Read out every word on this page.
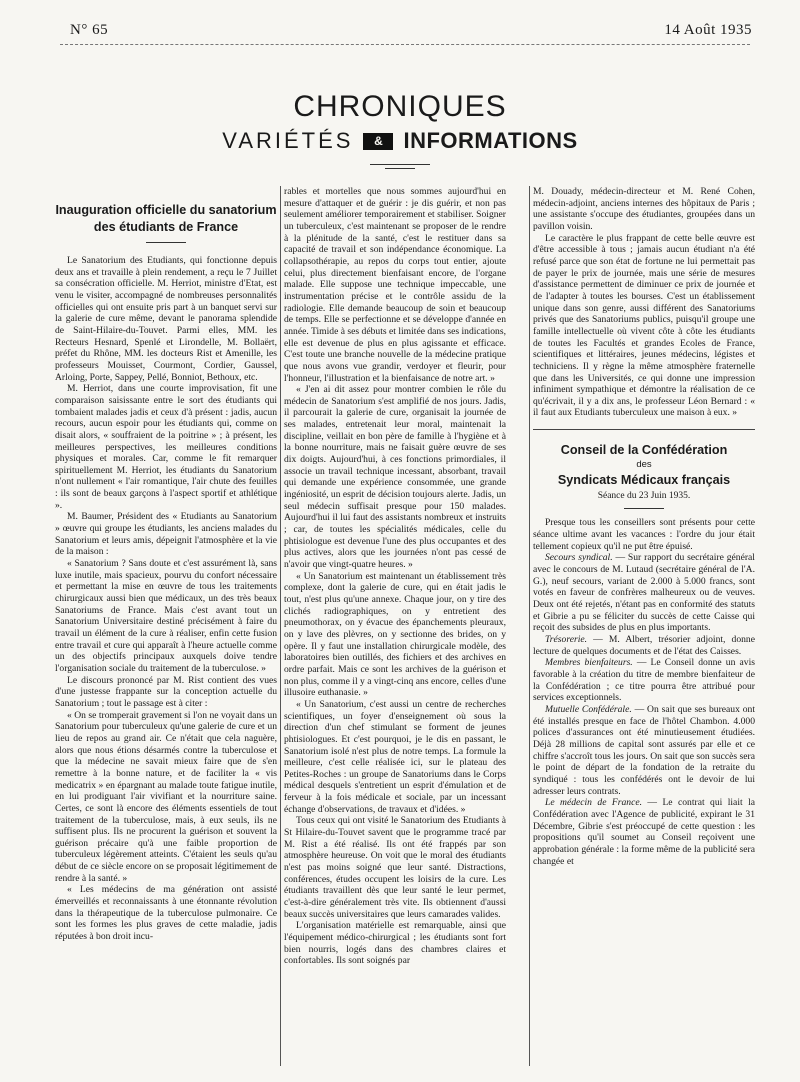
N° 65	14 Août 1935
CHRONIQUES
VARIÉTÉS	& INFORMATIONS
Inauguration officielle du sanatorium des étudiants de France

Le Sanatorium des Etudiants, qui fonctionne depuis deux ans et travaille à plein rendement, a reçu le 7 Juillet sa consécration officielle. M. Herriot, ministre d'Etat, est venu le visiter, accompagné de nombreuses personnalités officielles qui ont ensuite pris part à un banquet servi sur la galerie de cure même, devant le panorama splendide de Saint-Hilaire-du-Touvet. Parmi elles, MM. les Recteurs Hesnard, Spenlé et Lirondelle, M. Bollaërt, préfet du Rhône, MM. les docteurs Rist et Amenille, les professeurs Mouisset, Courmont, Cordier, Gaussel, Arloing, Porte, Sappey, Pellé, Bonniot, Bethoux, etc.

M. Herriot, dans une courte improvisation, fit une comparaison saisissante entre le sort des étudiants qui tombaient malades jadis et ceux d'à présent : jadis, aucun recours, aucun espoir pour les étudiants qui, comme on disait alors, « souffraient de la poitrine » ; à présent, les meilleures perspectives, les meilleures conditions physiques et morales. Car, comme le fit remarquer spirituellement M. Herriot, les étudiants du Sanatorium n'ont nullement « l'air romantique, l'air chute des feuilles : ils sont de beaux garçons à l'aspect sportif et athlétique ».

M. Baumer, Président des « Etudiants au Sanatorium » œuvre qui groupe les étudiants, les anciens malades du Sanatorium et leurs amis, dépeignit l'atmosphère et la vie de la maison :

« Sanatorium ? Sans doute et c'est assurément là, sans luxe inutile, mais spacieux, pourvu du confort nécessaire et permettant la mise en œuvre de tous les traitements chirurgicaux aussi bien que médicaux, un des très beaux Sanatoriums de France. Mais c'est avant tout un Sanatorium Universitaire destiné précisément à faire du travail un élément de la cure à réaliser, enfin cette fusion entre travail et cure qui apparaît à l'heure actuelle comme un des objectifs principaux auxquels doive tendre l'organisation sociale du traitement de la tuberculose. »

Le discours prononcé par M. Rist contient des vues d'une justesse frappante sur la conception actuelle du Sanatorium ; tout le passage est à citer :

« On se tromperait gravement si l'on ne voyait dans un Sanatorium pour tuberculeux qu'une galerie de cure et un lieu de repos au grand air. Ce n'était que cela naguère, alors que nous étions désarmés contre la tuberculose et que la médecine ne savait mieux faire que de s'en remettre à la bonne nature, et de faciliter la « vis medicatrix » en épargnant au malade toute fatigue inutile, en lui prodiguant l'air vivifiant et la nourriture saine. Certes, ce sont là encore des éléments essentiels de tout traitement de la tuberculose, mais, à eux seuls, ils ne suffisent plus. Ils ne procurent la guérison et souvent la guérison précaire qu'à une faible proportion de tuberculeux légèrement atteints. C'étaient les seuls qu'au début de ce siècle encore on se proposait légitimement de rendre à la santé. »

« Les médecins de ma génération ont assisté émerveillés et reconnaissants à une étonnante révolution dans la thérapeutique de la tuberculose pulmonaire. Ce sont les formes les plus graves de cette maladie, jadis réputées à bon droit incu-

rables et mortelles que nous sommes aujourd'hui en mesure d'attaquer et de guérir : je dis guérir, et non pas seulement améliorer temporairement et stabiliser. Soigner un tuberculeux, c'est maintenant se proposer de le rendre à la plénitude de la santé, c'est le restituer dans sa capacité de travail et son indépendance économique. La collapsothérapie, au repos du corps tout entier, ajoute celui, plus directement bienfaisant encore, de l'organe malade. Elle suppose une technique impeccable, une instrumentation précise et le contrôle assidu de la radiologie. Elle demande beaucoup de soin et beaucoup de temps. Elle se perfectionne et se développe d'année en année. Timide à ses débuts et limitée dans ses indications, elle est devenue de plus en plus agissante et efficace. C'est toute une branche nouvelle de la médecine pratique que nous avons vue grandir, verdoyer et fleurir, pour l'honneur, l'illustration et la bienfaisance de notre art. »

« J'en ai dit assez pour montrer combien le rôle du médecin de Sanatorium s'est amplifié de nos jours. Jadis, il parcourait la galerie de cure, organisait la journée de ses malades, entretenait leur moral, maintenait la discipline, veillait en bon père de famille à l'hygiène et à la bonne nourriture, mais ne faisait guère œuvre de ses dix doigts. Aujourd'hui, à ces fonctions primordiales, il associe un travail technique incessant, absorbant, travail qui demande une expérience consommée, une grande ingéniosité, un esprit de décision toujours alerte. Jadis, un seul médecin suffisait presque pour 150 malades. Aujourd'hui il lui faut des assistants nombreux et instruits ; car, de toutes les spécialités médicales, celle du phtisiologue est devenue l'une des plus occupantes et des plus actives, alors que les journées n'ont pas cessé de n'avoir que vingt-quatre heures. »

« Un Sanatorium est maintenant un établissement très complexe, dont la galerie de cure, qui en était jadis le tout, n'est plus qu'une annexe. Chaque jour, on y tire des clichés radiographiques, on y entretient des pneumothorax, on y évacue des épanchements pleuraux, on y lave des plèvres, on y sectionne des brides, on y opère. Il y faut une installation chirurgicale modèle, des laboratoires bien outillés, des fichiers et des archives en ordre parfait. Mais ce sont les archives de la guérison et non plus, comme il y a vingt-cinq ans encore, celles d'une illusoire euthanasie. »

« Un Sanatorium, c'est aussi un centre de recherches scientifiques, un foyer d'enseignement où sous la direction d'un chef stimulant se forment de jeunes phtisiologues. Et c'est pourquoi, je le dis en passant, le Sanatorium isolé n'est plus de notre temps. La formule la meilleure, c'est celle réalisée ici, sur le plateau des Petites-Roches : un groupe de Sanatoriums dans le Corps médical desquels s'entretient un esprit d'émulation et de ferveur à la fois médicale et sociale, par un incessant échange d'observations, de travaux et d'idées. »

Tous ceux qui ont visité le Sanatorium des Etudiants à St Hilaire-du-Touvet savent que le programme tracé par M. Rist a été réalisé. Ils ont été frappés par son atmosphère heureuse. On voit que le moral des étudiants n'est pas moins soigné que leur santé. Distractions, conférences, études occupent les loisirs de la cure. Les étudiants travaillent dès que leur santé le leur permet, c'est-à-dire généralement très vite. Ils obtiennent d'aussi beaux succès universitaires que leurs camarades valides.

L'organisation matérielle est remarquable, ainsi que l'équipement médico-chirurgical ; les étudiants sont fort bien nourris, logés dans des chambres claires et confortables. Ils sont soignés par

M. Douady, médecin-directeur et M. René Cohen, médecin-adjoint, anciens internes des hôpitaux de Paris ; une assistante s'occupe des étudiantes, groupées dans un pavillon voisin.

Le caractère le plus frappant de cette belle œuvre est d'être accessible à tous ; jamais aucun étudiant n'a été refusé parce que son état de fortune ne lui permettait pas de payer le prix de journée, mais une série de mesures d'assistance permettent de diminuer ce prix de journée et de l'adapter à toutes les bourses. C'est un établissement unique dans son genre, aussi différent des Sanatoriums privés que des Sanatoriums publics, puisqu'il groupe une famille intellectuelle où vivent côte à côte les étudiants de toutes les Facultés et grandes Ecoles de France, scientifiques et littéraires, jeunes médecins, légistes et techniciens. Il y règne la même atmosphère fraternelle que dans les Universités, ce qui donne une impression infiniment sympathique et démontre la réalisation de ce qu'écrivait, il y a dix ans, le professeur Léon Bernard : « il faut aux Etudiants tuberculeux une maison à eux. »

Conseil de la Confédération
des
Syndicats Médicaux français
Séance du 23 Juin 1935.

Presque tous les conseillers sont présents pour cette séance ultime avant les vacances : l'ordre du jour était tellement copieux qu'il ne put être épuisé.

Secours syndical. — Sur rapport du secrétaire général avec le concours de M. Lutaud (secrétaire général de l'A. G.), neuf secours, variant de 2.000 à 5.000 francs, sont votés en faveur de confrères malheureux ou de veuves. Deux ont été rejetés, n'étant pas en conformité des statuts et Gibrie a pu se féliciter du succès de cette Caisse qui reçoit des subsides de plus en plus importants.

Trésorerie. — M. Albert, trésorier adjoint, donne lecture de quelques documents et de l'état des Caisses.

Membres bienfaiteurs. — Le Conseil donne un avis favorable à la création du titre de membre bienfaiteur de la Confédération ; ce titre pourra être attribué pour services exceptionnels.

Mutuelle Confédérale. — On sait que ses bureaux ont été installés presque en face de l'hôtel Chambon. 4.000 polices d'assurances ont été minutieusement étudiées. Déjà 28 millions de capital sont assurés par elle et ce chiffre s'accroît tous les jours. On sait que son succès sera le point de départ de la fondation de la retraite du syndiqué : tous les confédérés ont le devoir de lui adresser leurs contrats.

Le médecin de France. — Le contrat qui liait la Confédération avec l'Agence de publicité, expirant le 31 Décembre, Gibrie s'est préoccupé de cette question : les propositions qu'il soumet au Conseil reçoivent une approbation générale : la forme même de la publicité sera changée et
